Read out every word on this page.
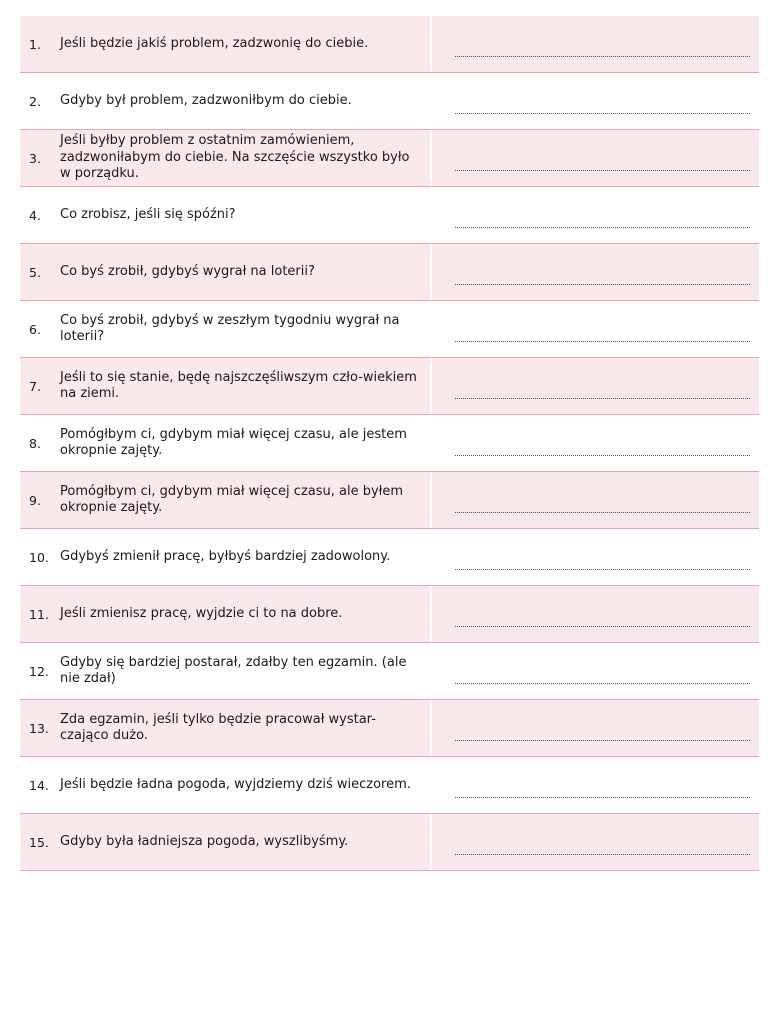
1.	Jeśli będzie jakiś problem, zadzwonię do ciebie.
2.	Gdyby był problem, zadzwoniłbym do ciebie.
3.
Jeśli byłby problem z ostatnim zamówieniem, zadzwoniłabym do ciebie. Na szczęście wszystko było w porządku.
4.	Co zrobisz, jeśli się spóźni?
5.	Co byś zrobił, gdybyś wygrał na loterii?
6.
Co byś zrobił, gdybyś w zeszłym tygodniu wygrał na loterii?
7.
Jeśli to się stanie, będę najszczęśliwszym czło-wiekiem na ziemi.
8.
Pomógłbym ci, gdybym miał więcej czasu, ale jestem okropnie zajęty.
9.
Pomógłbym ci, gdybym miał więcej czasu, ale byłem okropnie zajęty.
10. Gdybyś zmienił pracę, byłbyś bardziej zadowolony.
11. Jeśli zmienisz pracę, wyjdzie ci to na dobre.
12.
Gdyby się bardziej postarał, zdałby ten egzamin. (ale nie zdał)
13.
Zda egzamin, jeśli tylko będzie pracował wystar-czająco dużo.
14. Jeśli będzie ładna pogoda, wyjdziemy dziś wieczorem.
15. Gdyby była ładniejsza pogoda, wyszlibyśmy.
